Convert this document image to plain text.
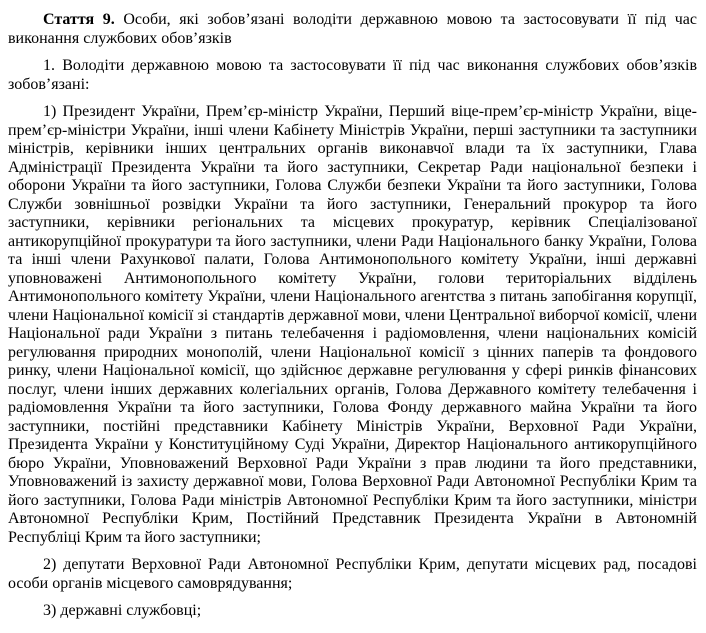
Стаття 9. Особи, які зобов’язані володіти державною мовою та застосовувати її під час виконання службових обов’язків

1. Володіти державною мовою та застосовувати її під час виконання службових обов’язків зобов’язані:

1) Президент України, Прем’єр-міністр України, Перший віце-прем’єр-міністр України, віце-прем’єр-міністри України, інші члени Кабінету Міністрів України, перші заступники та заступники міністрів, керівники інших центральних органів виконавчої влади та їх заступники, Глава Адміністрації Президента України та його заступники, Секретар Ради національної безпеки і оборони України та його заступники, Голова Служби безпеки України та його заступники, Голова Служби зовнішньої розвідки України та його заступники, Генеральний прокурор та його заступники, керівники регіональних та місцевих прокуратур, керівник Спеціалізованої антикорупційної прокуратури та його заступники, члени Ради Національного банку України, Голова та інші члени Рахункової палати, Голова Антимонопольного комітету України, інші державні уповноважені Антимонопольного комітету України, голови територіальних відділень Антимонопольного комітету України, члени Національного агентства з питань запобігання корупції, члени Національної комісії зі стандартів державної мови, члени Центральної виборчої комісії, члени Національної ради України з питань телебачення і радіомовлення, члени національних комісій регулювання природних монополій, члени Національної комісії з цінних паперів та фондового ринку, члени Національної комісії, що здійснює державне регулювання у сфері ринків фінансових послуг, члени інших державних колегіальних органів, Голова Державного комітету телебачення і радіомовлення України та його заступники, Голова Фонду державного майна України та його заступники, постійні представники Кабінету Міністрів України, Верховної Ради України, Президента України у Конституційному Суді України, Директор Національного антикорупційного бюро України, Уповноважений Верховної Ради України з прав людини та його представники, Уповноважений із захисту державної мови, Голова Верховної Ради Автономної Республіки Крим та його заступники, Голова Ради міністрів Автономної Республіки Крим та його заступники, міністри Автономної Республіки Крим, Постійний Представник Президента України в Автономній Республіці Крим та його заступники;

2) депутати Верховної Ради Автономної Республіки Крим, депутати місцевих рад, посадові особи органів місцевого самоврядування;

3) державні службовці;
